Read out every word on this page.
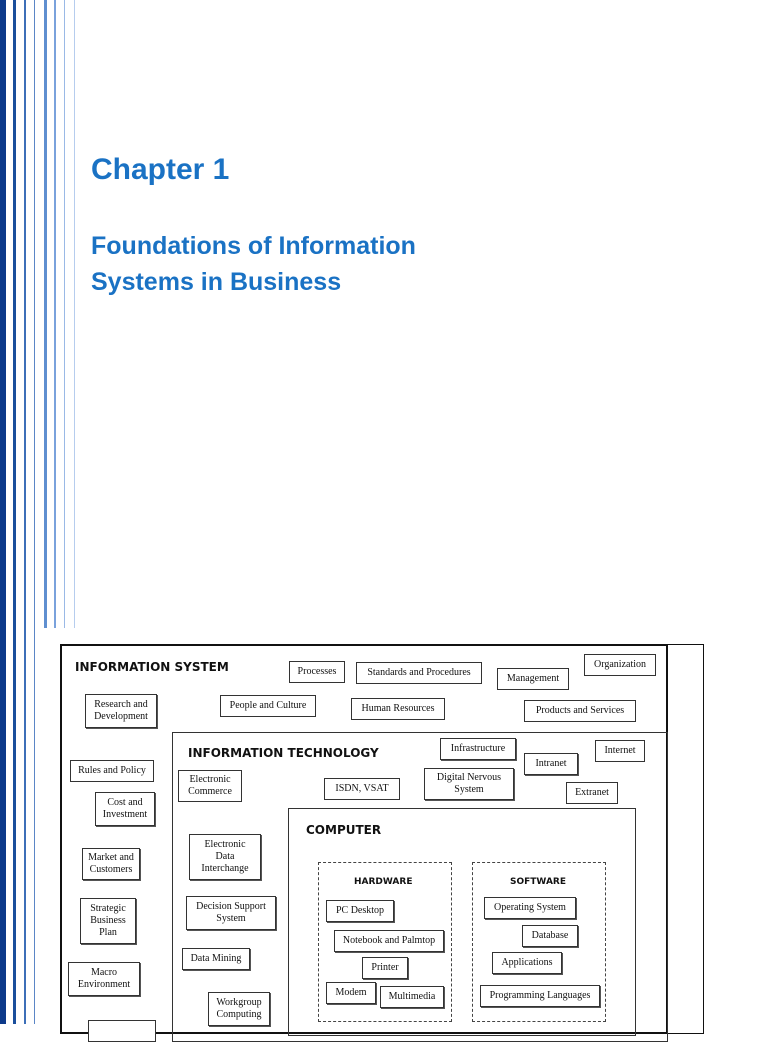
Chapter 1
Foundations of Information Systems in Business
INFORMATION SYSTEM	Processes	Standards and Procedures
Management
Organization
Research and
Development
People and Culture	Human Resources	Products and Services
INFORMATION TECHNOLOGY	Infrastructure	Internet
Intranet
Rules and Policy
Electronic
Commerce	ISDN, VSAT
Digital Nervous
System	Extranet
Cost and
Investment
COMPUTER
Market and
Customers
Electronic
Data
Interchange
HARDWARE	SOFTWARE
Strategic
Business
Plan
Decision Support
System
PC Desktop	Operating System
Notebook and Palmtop	Database
Data Mining
Printer	Applications
Macro
Environment
Modem	Multimedia	Programming Languages
Workgroup
Computing
